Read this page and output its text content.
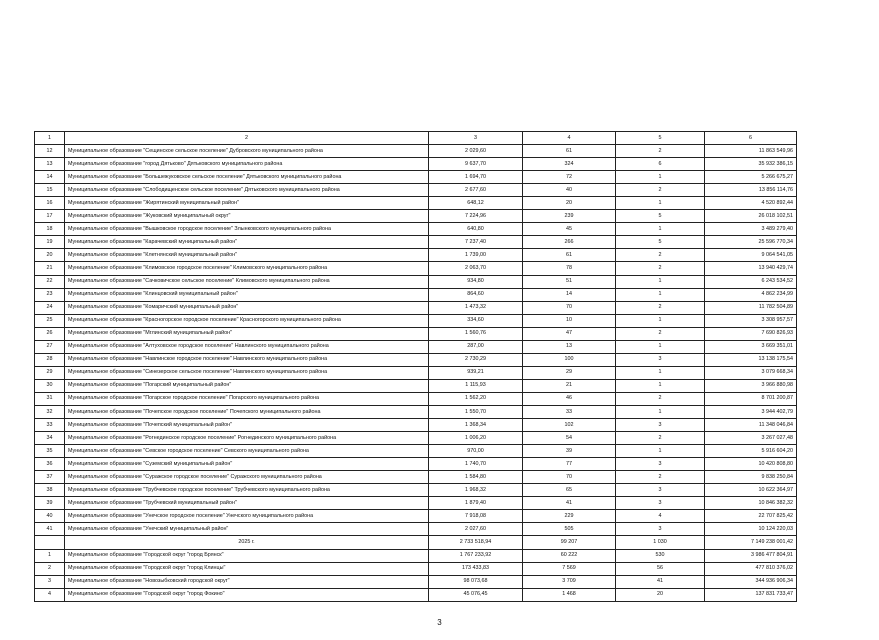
1	2	3	4	5	6
12	Муниципальное образование "Сещинское сельское поселение" Дубровского муниципального района	2 029,60	61	2	11 863 549,96
13	Муниципальное образование "город Дятьково" Дятьковского муниципального района	9 637,70	324	6	35 932 386,15
14	Муниципальное образование "Большежуковское сельское поселение" Дятьковского муниципального района	1 694,70	72	1	5 266 675,27
15	Муниципальное образование "Слободищенское сельское поселение" Дятьковского муниципального района	2 677,60	40	2	13 856 114,76
16	Муниципальное образование "Жирятинский муниципальный район"	648,12	20	1	4 520 892,44
17	Муниципальное образование "Жуковский муниципальный округ"	7 224,96	239	5	26 018 102,51
18	Муниципальное образование "Вышковское городское поселение" Злынковского муниципального района	640,80	45	1	3 489 279,40
19	Муниципальное образование "Карачевский муниципальный район"	7 237,40	266	5	25 596 770,34
20	Муниципальное образование "Клетнянский муниципальный район"	1 739,00	61	2	9 064 541,05
21	Муниципальное образование "Климовское городское поселение" Климовского муниципального района	2 063,70	78	2	13 940 429,74
22	Муниципальное образование "Сачковичское сельское поселение" Климовского муниципального района	934,80	51	1	6 243 534,52
23	Муниципальное образование "Клинцовский муниципальный район"	864,60	14	1	4 862 234,99
24	Муниципальное образование "Комаричский муниципальный район"	1 473,32	70	2	11 782 504,89
25	Муниципальное образование "Красногорское городское поселение" Красногорского муниципального района	334,60	10	1	3 308 957,57
26	Муниципальное образование "Мглинский муниципальный район"	1 560,76	47	2	7 690 826,93
27	Муниципальное образование "Алтуховское городское поселение" Навлинского муниципального района	287,00	13	1	3 669 351,01
28	Муниципальное образование "Навлинское городское поселение" Навлинского муниципального района	2 730,29	100	3	13 138 175,54
29	Муниципальное образование "Синезерское сельское поселение" Навлинского муниципального района	939,21	29	1	3 079 668,34
30	Муниципальное образование "Погарский муниципальный район"	1 115,93	21	1	3 966 880,98
31	Муниципальное образование "Погарское городское поселение" Погарского муниципального района	1 562,20	46	2	8 701 200,87
32	Муниципальное образование "Почепское городское поселение" Почепского муниципального района	1 550,70	33	1	3 944 402,79
33	Муниципальное образование "Почепский муниципальный район"	1 368,34	102	3	11 348 046,84
34	Муниципальное образование "Рогнединское городское поселение" Рогнединского муниципального района	1 006,20	54	2	3 267 027,48
35	Муниципальное образование "Севское городское поселение" Севского муниципального района	970,00	39	1	5 916 604,20
36	Муниципальное образование "Суземский муниципальный район"	1 740,70	77	3	10 420 808,80
37	Муниципальное образование "Суражское городское поселение" Суражского муниципального района	1 584,80	70	2	9 838 250,84
38	Муниципальное образование "Трубчевское городское поселение" Трубчевского муниципального района	1 968,32	65	3	10 622 364,97
39	Муниципальное образование "Трубчевский муниципальный район"	1 879,40	41	3	10 846 382,32
40	Муниципальное образование "Унечское городское поселение" Унечского муниципального района	7 918,08	229	4	22 707 825,42
41	Муниципальное образование "Унечский муниципальный район"	2 027,60	505	3	10 124 220,03
	2025 г.	2 733 518,94	99 207	1 030	7 149 238 001,42
1	Муниципальное образование "Городской округ "город Брянск"	1 767 233,92	60 222	530	3 986 477 804,91
2	Муниципальное образование "Городской округ "город Клинцы"	173 433,83	7 569	56	477 810 376,02
3	Муниципальное образование "Новозыбковский городской округ"	98 073,68	3 709	41	344 936 906,34
4	Муниципальное образование "Городской округ "город Фокино"	45 076,45	1 468	20	137 831 733,47
3
